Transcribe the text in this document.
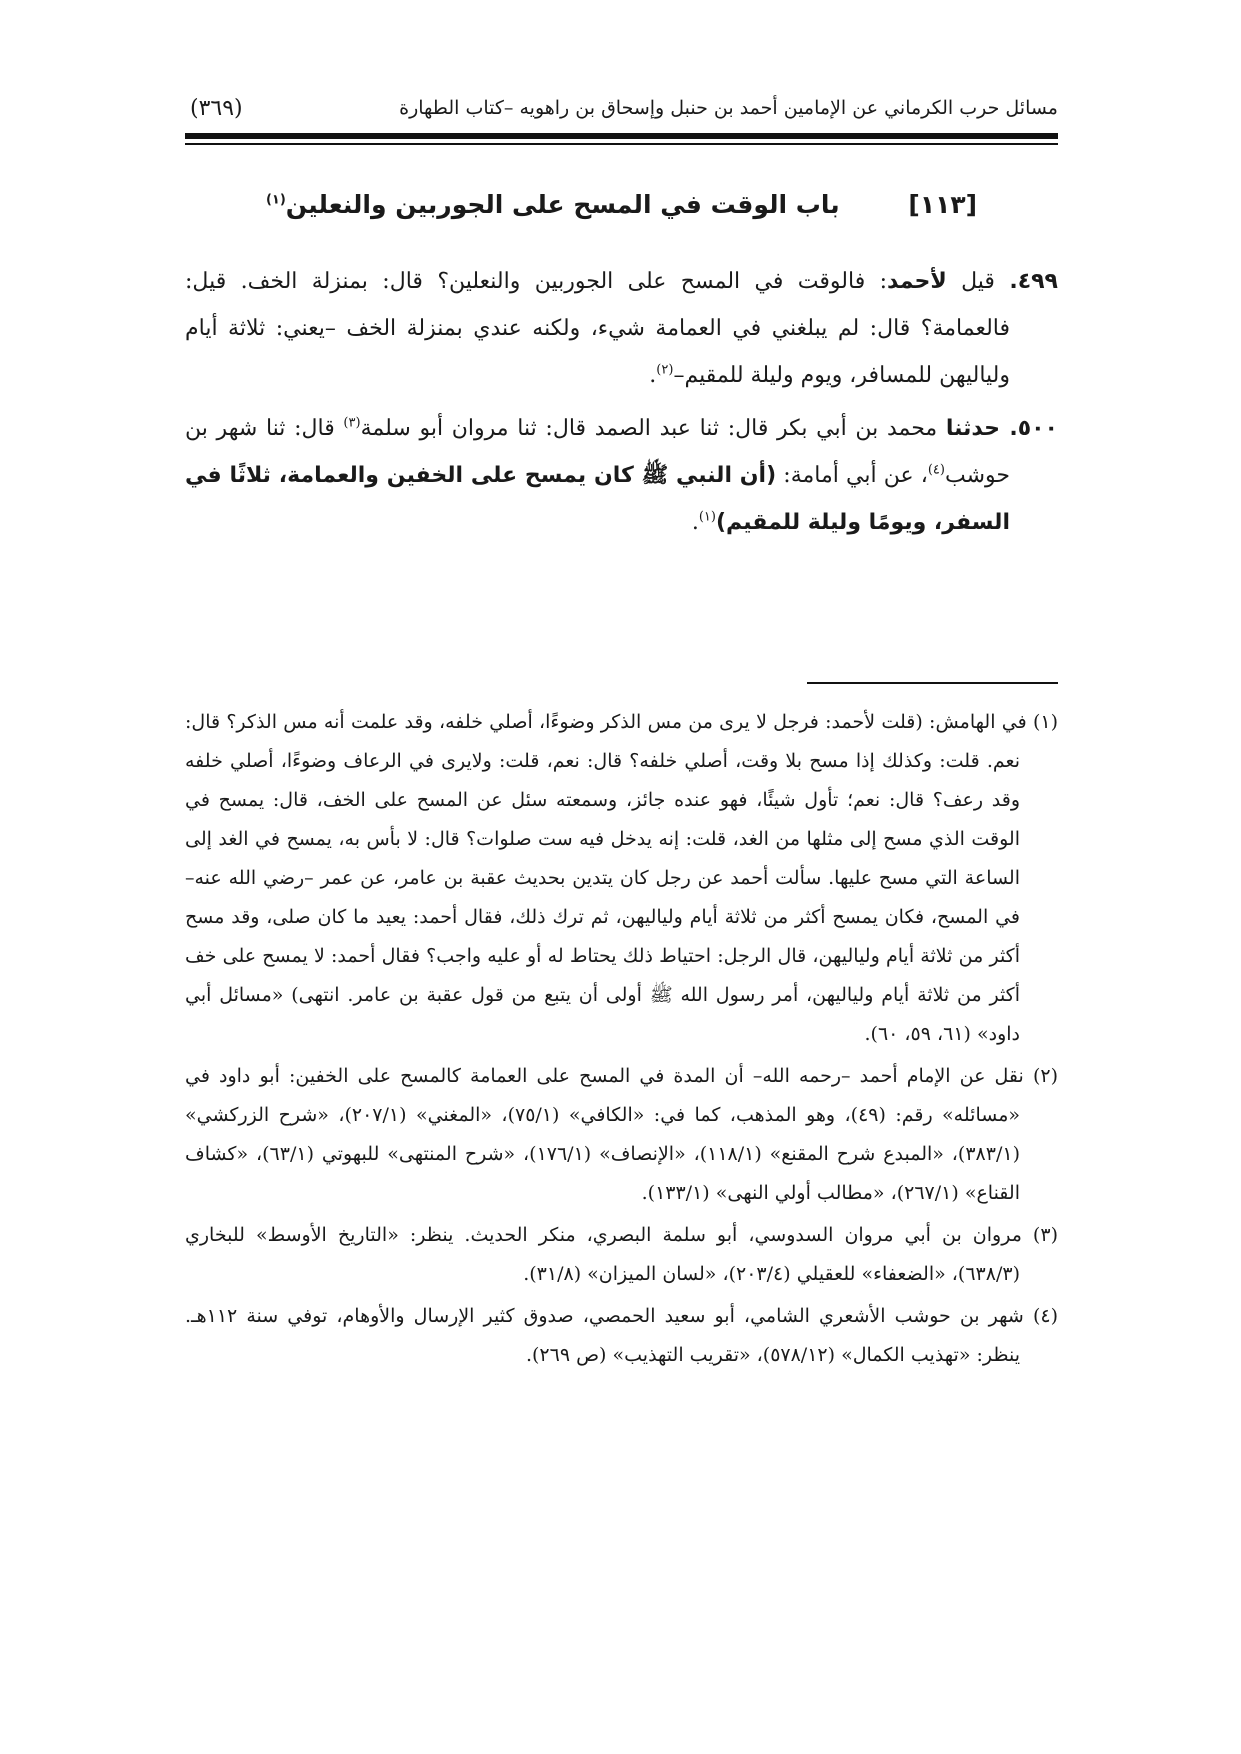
مسائل حرب الكرماني عن الإمامين أحمد بن حنبل وإسحاق بن راهويه –كتاب الطهارة
(٣٦٩)
[١١٣] باب الوقت في المسح على الجوربين والنعلين$^{(١)}$

٤٩٩. قيل لأحمد: فالوقت في المسح على الجوربين والنعلين؟ قال: بمنزلة الخف. قيل: فالعمامة؟ قال: لم يبلغني في العمامة شيء، ولكنه عندي بمنزلة الخف –يعني: ثلاثة أيام ولياليهن للمسافر، ويوم وليلة للمقيم–$^{(٢)}$.

٥٠٠. حدثنا محمد بن أبي بكر قال: ثنا عبد الصمد قال: ثنا مروان أبو سلمة$^{(٣)}$ قال: ثنا شهر بن حوشب$^{(٤)}$، عن أبي أمامة: (أن النبي ﷺ كان يمسح على الخفين والعمامة، ثلاثًا في السفر، ويومًا وليلة للمقيم)$^{(١)}$.

(١) في الهامش: (قلت لأحمد: فرجل لا يرى من مس الذكر وضوءًا، أصلي خلفه، وقد علمت أنه مس الذكر؟ قال: نعم. قلت: وكذلك إذا مسح بلا وقت، أصلي خلفه؟ قال: نعم، قلت: ولايرى في الرعاف وضوءًا، أصلي خلفه وقد رعف؟ قال: نعم؛ تأول شيئًا، فهو عنده جائز، وسمعته سئل عن المسح على الخف، قال: يمسح في الوقت الذي مسح إلى مثلها من الغد، قلت: إنه يدخل فيه ست صلوات؟ قال: لا بأس به، يمسح في الغد إلى الساعة التي مسح عليها. سألت أحمد عن رجل كان يتدين بحديث عقبة بن عامر، عن عمر –رضي الله عنه– في المسح، فكان يمسح أكثر من ثلاثة أيام ولياليهن، ثم ترك ذلك، فقال أحمد: يعيد ما كان صلى، وقد مسح أكثر من ثلاثة أيام ولياليهن، قال الرجل: احتياط ذلك يحتاط له أو عليه واجب؟ فقال أحمد: لا يمسح على خف أكثر من ثلاثة أيام ولياليهن، أمر رسول الله ﷺ أولى أن يتبع من قول عقبة بن عامر. انتهى) «مسائل أبي داود» (٦١، ٥٩، ٦٠).

(٢) نقل عن الإمام أحمد –رحمه الله– أن المدة في المسح على العمامة كالمسح على الخفين: أبو داود في «مسائله» رقم: (٤٩)، وهو المذهب، كما في: «الكافي» (٧٥/١)، «المغني» (٢٠٧/١)، «شرح الزركشي» (٣٨٣/١)، «المبدع شرح المقنع» (١١٨/١)، «الإنصاف» (١٧٦/١)، «شرح المنتهى» للبهوتي (٦٣/١)، «كشاف القناع» (٢٦٧/١)، «مطالب أولي النهى» (١٣٣/١).

(٣) مروان بن أبي مروان السدوسي، أبو سلمة البصري، منكر الحديث. ينظر: «التاريخ الأوسط» للبخاري (٦٣٨/٣)، «الضعفاء» للعقيلي (٢٠٣/٤)، «لسان الميزان» (٣١/٨).

(٤) شهر بن حوشب الأشعري الشامي، أبو سعيد الحمصي، صدوق كثير الإرسال والأوهام، توفي سنة ١١٢هـ. ينظر: «تهذيب الكمال» (٥٧٨/١٢)، «تقريب التهذيب» (ص ٢٦٩).
